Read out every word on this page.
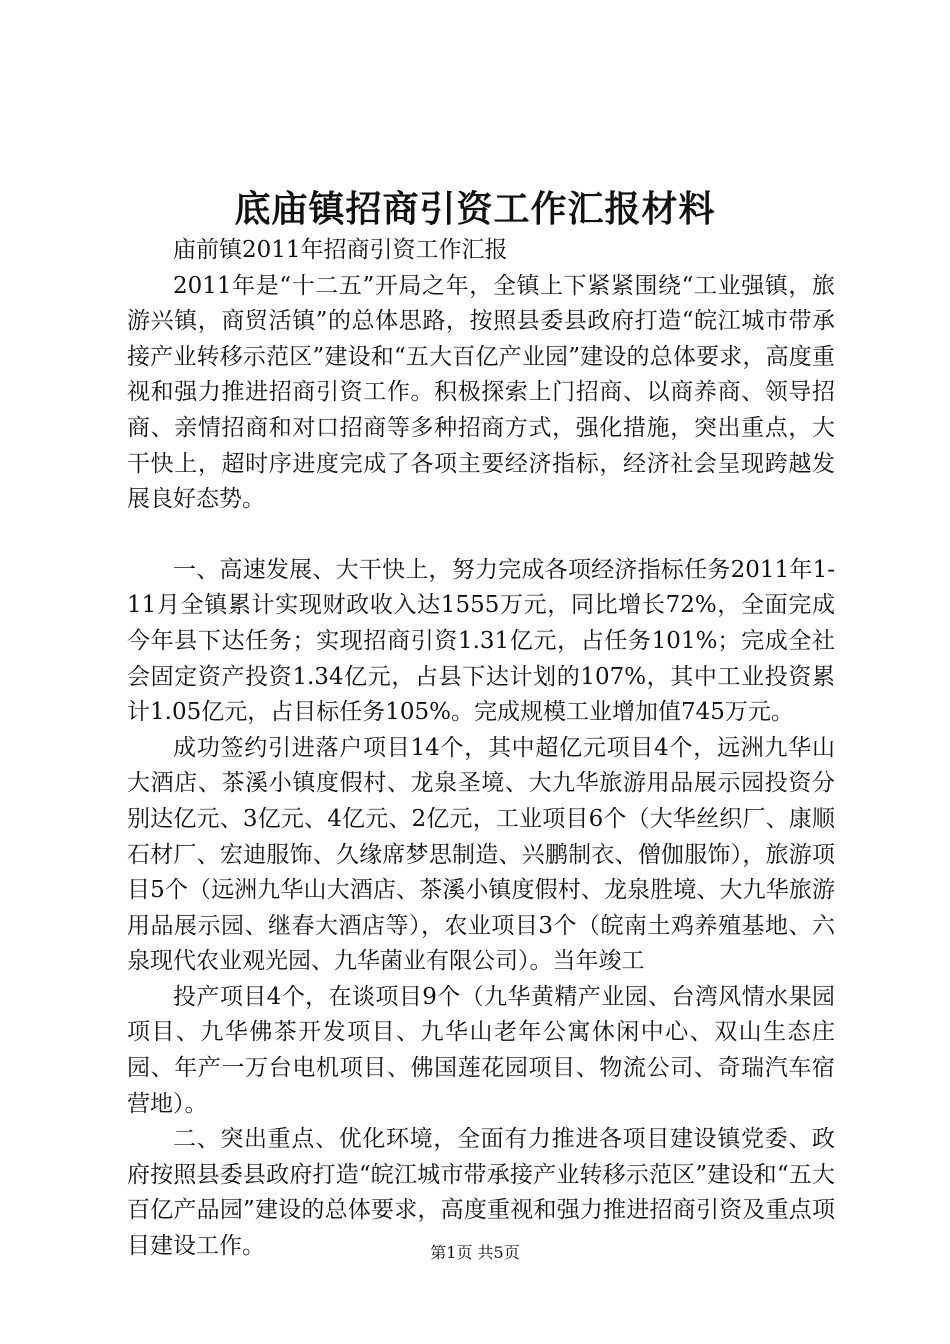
底庙镇招商引资工作汇报材料

庙前镇2011年招商引资工作汇报

2011年是“十二五”开局之年，全镇上下紧紧围绕“工业强镇，旅游兴镇，商贸活镇”的总体思路，按照县委县政府打造“皖江城市带承接产业转移示范区”建设和“五大百亿产业园”建设的总体要求，高度重视和强力推进招商引资工作。积极探索上门招商、以商养商、领导招商、亲情招商和对口招商等多种招商方式，强化措施，突出重点，大干快上，超时序进度完成了各项主要经济指标，经济社会呈现跨越发展良好态势。

一、高速发展、大干快上，努力完成各项经济指标任务2011年1-11月全镇累计实现财政收入达1555万元，同比增长72%，全面完成今年县下达任务；实现招商引资1.31亿元，占任务101%；完成全社会固定资产投资1.34亿元，占县下达计划的107%，其中工业投资累计1.05亿元，占目标任务105%。完成规模工业增加值745万元。

成功签约引进落户项目14个，其中超亿元项目4个，远洲九华山大酒店、茶溪小镇度假村、龙泉圣境、大九华旅游用品展示园投资分别达亿元、3亿元、4亿元、2亿元，工业项目6个（大华丝织厂、康顺石材厂、宏迪服饰、久缘席梦思制造、兴鹏制衣、僧伽服饰），旅游项目5个（远洲九华山大酒店、茶溪小镇度假村、龙泉胜境、大九华旅游用品展示园、继春大酒店等），农业项目3个（皖南土鸡养殖基地、六泉现代农业观光园、九华菌业有限公司）。当年竣工

投产项目4个，在谈项目9个（九华黄精产业园、台湾风情水果园项目、九华佛茶开发项目、九华山老年公寓休闲中心、双山生态庄园、年产一万台电机项目、佛国莲花园项目、物流公司、奇瑞汽车宿营地）。

二、突出重点、优化环境，全面有力推进各项目建设镇党委、政府按照县委县政府打造“皖江城市带承接产业转移示范区”建设和“五大百亿产品园”建设的总体要求，高度重视和强力推进招商引资及重点项目建设工作。	第1页 共5页
